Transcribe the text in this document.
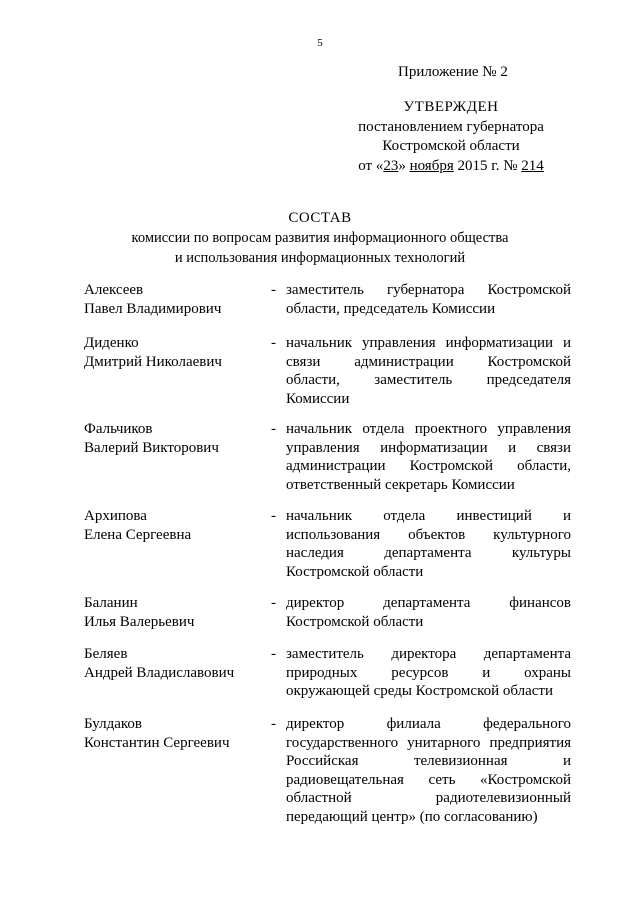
5
Приложение № 2
УТВЕРЖДЕН
постановлением губернатора
Костромской области
от «23» ноября 2015 г. № 214
СОСТАВ
комиссии по вопросам развития информационного общества
и использования информационных технологий
Алексеев
Павел Владимирович
- заместитель губернатора Костромской
области, председатель Комиссии
Диденко
Дмитрий Николаевич
- начальник управления информатизации и
связи администрации Костромской
области, заместитель председателя
Комиссии
Фальчиков
Валерий Викторович
- начальник отдела проектного управления
управления информатизации и связи
администрации Костромской области,
ответственный секретарь Комиссии
Архипова
Елена Сергеевна
- начальник отдела инвестиций и
использования объектов культурного
наследия департамента культуры
Костромской области
Баланин
Илья Валерьевич
- директор департамента финансов
Костромской области
Беляев
Андрей Владиславович
- заместитель директора департамента
природных ресурсов и охраны
окружающей среды Костромской области
Булдаков
Константин Сергеевич
- директор филиала федерального
государственного унитарного предприятия
Российская телевизионная и
радиовещательная сеть «Костромской
областной радиотелевизионный
передающий центр» (по согласованию)
